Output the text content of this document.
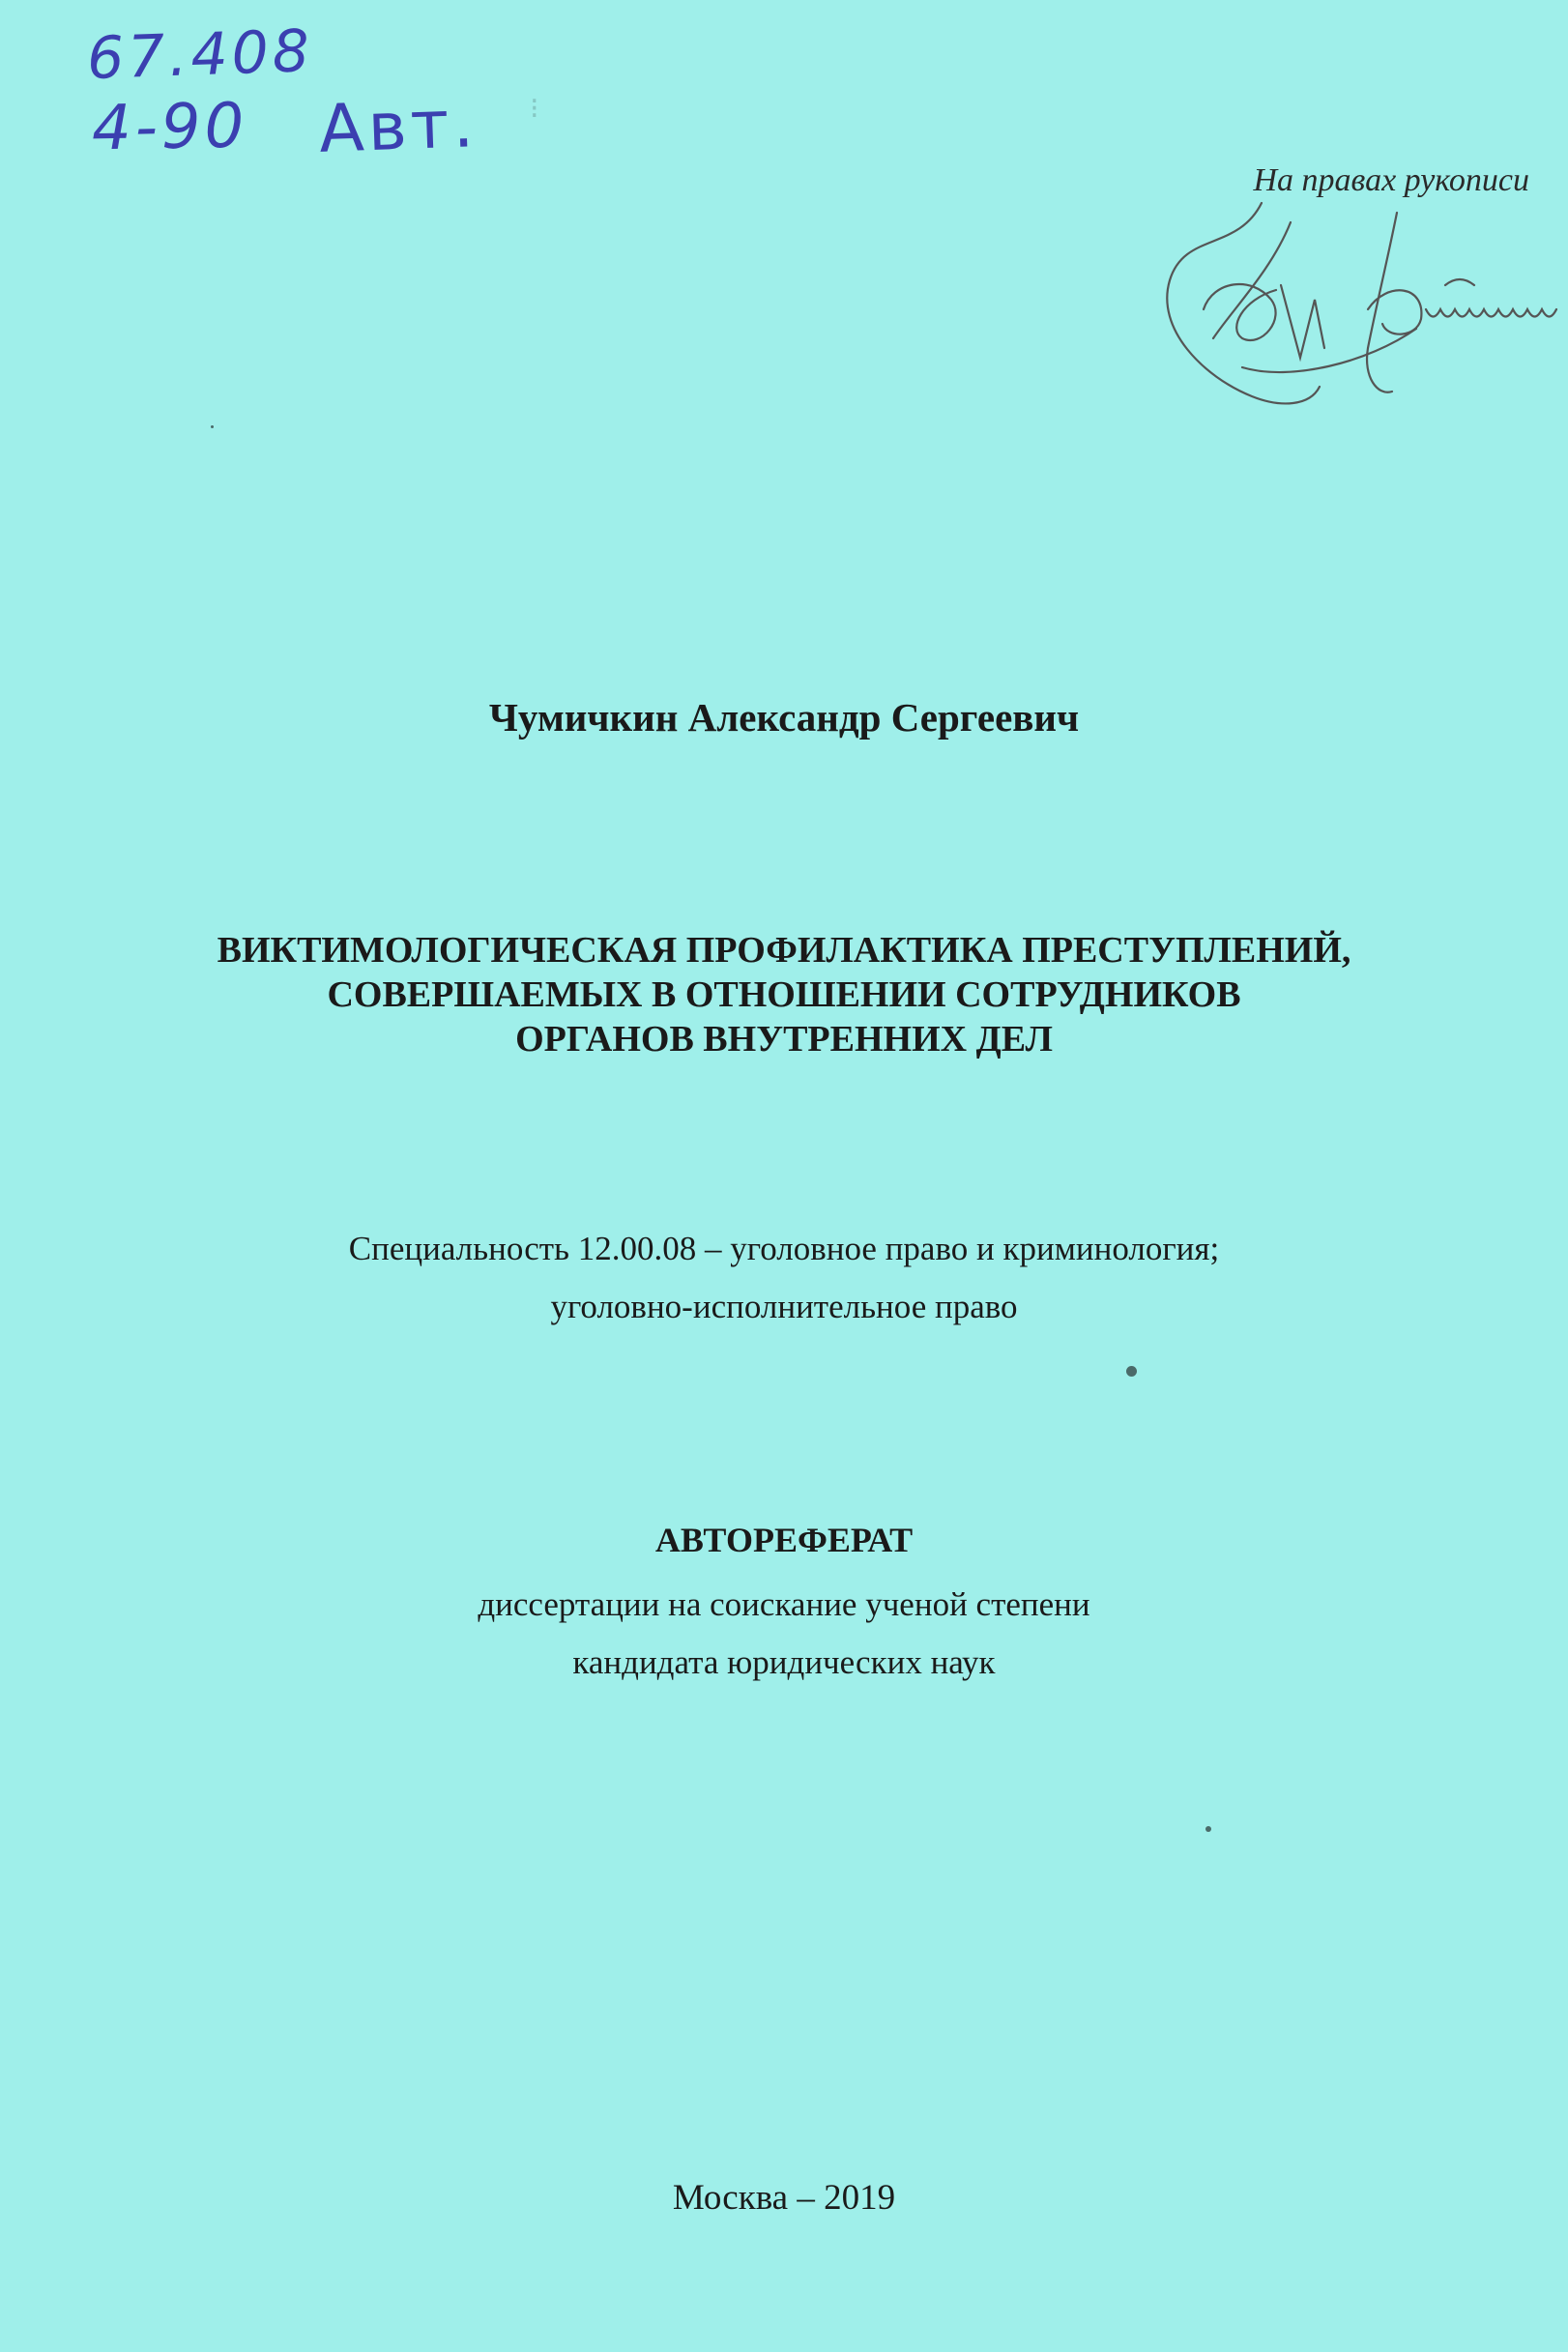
67.408
4-90 Авт. ⁝
На правах рукописи
Чумичкин Александр Сергеевич
ВИКТИМОЛОГИЧЕСКАЯ ПРОФИЛАКТИКА ПРЕСТУПЛЕНИЙ,
СОВЕРШАЕМЫХ В ОТНОШЕНИИ СОТРУДНИКОВ
ОРГАНОВ ВНУТРЕННИХ ДЕЛ
Специальность 12.00.08 – уголовное право и криминология;
уголовно-исполнительное право
АВТОРЕФЕРАТ
диссертации на соискание ученой степени
кандидата юридических наук
Москва – 2019
